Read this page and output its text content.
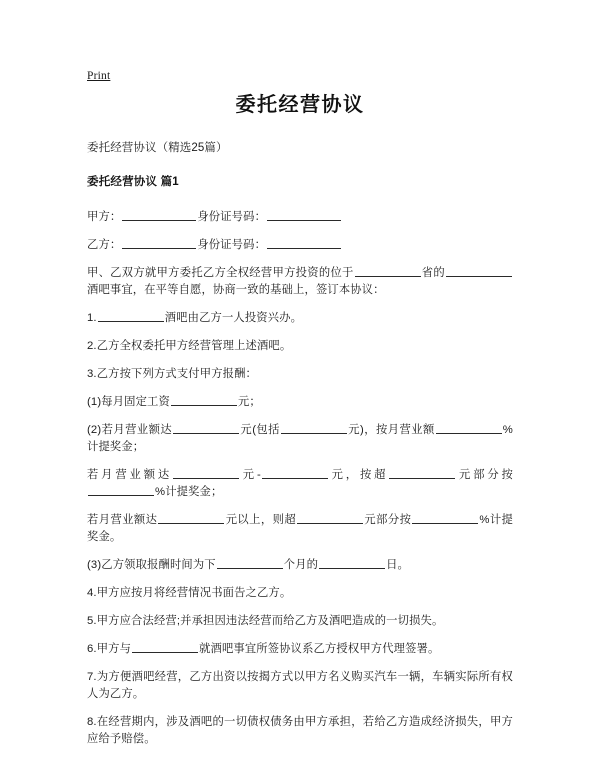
Print
委托经营协议

委托经营协议（精选25篇）

委托经营协议 篇1

甲方：	身份证号码：

乙方：	身份证号码：

甲、乙双方就甲方委托乙方全权经营甲方投资的位于	省的酒吧事宜，在平等自愿，协商一致的基础上，签订本协议：

1.	酒吧由乙方一人投资兴办。

2.乙方全权委托甲方经营管理上述酒吧。

3.乙方按下列方式支付甲方报酬：

(1)每月固定工资	元；

(2)若月营业额达	元(包括	元)，按月营业额	%计提奖金；

若月营业额达	元-	元，按超	元部分按%计提奖金；

若月营业额达	元以上，则超	元部分按	%计提奖金。

(3)乙方领取报酬时间为下	个月的	日。

4.甲方应按月将经营情况书面告之乙方。

5.甲方应合法经营;并承担因违法经营而给乙方及酒吧造成的一切损失。

6.甲方与	就酒吧事宜所签协议系乙方授权甲方代理签署。

7.为方便酒吧经营，乙方出资以按揭方式以甲方名义购买汽车一辆，车辆实际所有权人为乙方。

8.在经营期内，涉及酒吧的一切债权债务由甲方承担，若给乙方造成经济损失，甲方应给予赔偿。
